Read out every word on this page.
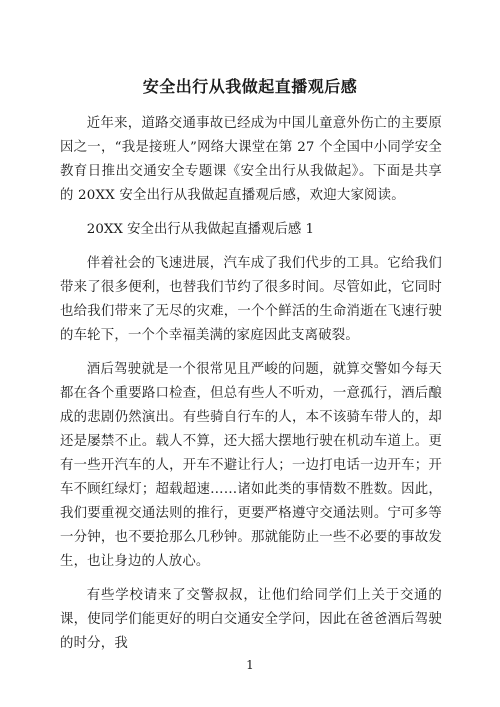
安全出行从我做起直播观后感

近年来，道路交通事故已经成为中国儿童意外伤亡的主要原因之一，“我是接班人”网络大课堂在第 27 个全国中小同学安全教育日推出交通安全专题课《安全出行从我做起》。下面是共享的 20XX 安全出行从我做起直播观后感，欢迎大家阅读。

20XX 安全出行从我做起直播观后感 1

伴着社会的飞速进展，汽车成了我们代步的工具。它给我们带来了很多便利，也替我们节约了很多时间。尽管如此，它同时也给我们带来了无尽的灾难，一个个鲜活的生命消逝在飞速行驶的车轮下，一个个幸福美满的家庭因此支离破裂。

酒后驾驶就是一个很常见且严峻的问题，就算交警如今每天都在各个重要路口检查，但总有些人不听劝，一意孤行，酒后酿成的悲剧仍然演出。有些骑自行车的人，本不该骑车带人的，却还是屡禁不止。载人不算，还大摇大摆地行驶在机动车道上。更有一些开汽车的人，开车不避让行人；一边打电话一边开车；开车不顾红绿灯；超载超速……诸如此类的事情数不胜数。因此，我们要重视交通法则的推行，更要严格遵守交通法则。宁可多等一分钟，也不要抢那么几秒钟。那就能防止一些不必要的事故发生，也让身边的人放心。

有些学校请来了交警叔叔，让他们给同学们上关于交通的课，使同学们能更好的明白交通安全学问，因此在爸爸酒后驾驶的时分，我

1
